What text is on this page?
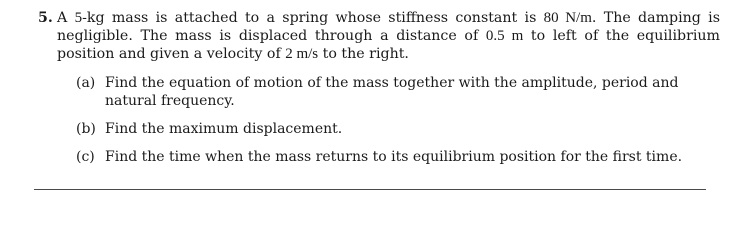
5. A 5-kg mass is attached to a spring whose stiffness constant is 80 N/m. The damping is negligible. The mass is displaced through a distance of 0.5 m to left of the equilibrium position and given a velocity of 2 m/s to the right.
(a) Find the equation of motion of the mass together with the amplitude, period and natural frequency.
(b) Find the maximum displacement.
(c) Find the time when the mass returns to its equilibrium position for the first time.
